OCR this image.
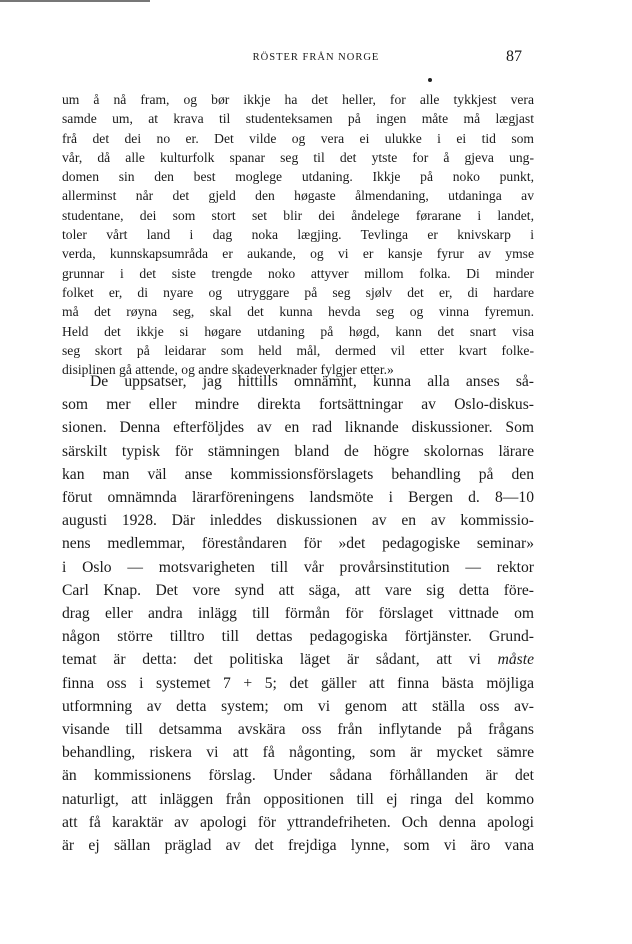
RÖSTER FRÅN NORGE	87
um å nå fram, og bør ikkje ha det heller, for alle tykkjest vera
samde um, at krava til studenteksamen på ingen måte må lægjast
frå det dei no er. Det vilde og vera ei ulukke i ei tid som
vår, då alle kulturfolk spanar seg til det ytste for å gjeva ung-
domen sin den best moglege utdaning. Ikkje på noko punkt,
allerminst når det gjeld den høgaste ålmendaning, utdaninga av
studentane, dei som stort set blir dei åndelege førarane i landet,
toler vårt land i dag noka lægjing. Tevlinga er knivskarp i
verda, kunnskapsumråda er aukande, og vi er kansje fyrur av ymse
grunnar i det siste trengde noko attyver millom folka. Di minder
folket er, di nyare og utryggare på seg sjølv det er, di hardare
må det røyna seg, skal det kunna hevda seg og vinna fyremun.
Held det ikkje si høgare utdaning på høgd, kann det snart visa
seg skort på leidarar som held mål, dermed vil etter kvart folke-
disiplinen gå attende, og andre skadeverknader fylgjer etter.»
De uppsatser, jag hittills omnämnt, kunna alla anses så-
som mer eller mindre direkta fortsättningar av Oslo-diskus-
sionen. Denna efterföljdes av en rad liknande diskussioner. Som
särskilt typisk för stämningen bland de högre skolornas lärare
kan man väl anse kommissionsförslagets behandling på den
förut omnämnda lärarföreningens landsmöte i Bergen d. 8—10
augusti 1928. Där inleddes diskussionen av en av kommissio-
nens medlemmar, föreståndaren för »det pedagogiske seminar»
i Oslo — motsvarigheten till vår provårsinstitution — rektor
Carl Knap. Det vore synd att säga, att vare sig detta före-
drag eller andra inlägg till förmån för förslaget vittnade om
någon större tilltro till dettas pedagogiska förtjänster. Grund-
temat är detta: det politiska läget är sådant, att vi måste
finna oss i systemet 7 + 5; det gäller att finna bästa möjliga
utformning av detta system; om vi genom att ställa oss av-
visande till detsamma avskära oss från inflytande på frågans
behandling, riskera vi att få någonting, som är mycket sämre
än kommissionens förslag. Under sådana förhållanden är det
naturligt, att inläggen från oppositionen till ej ringa del kommo
att få karaktär av apologi för yttrandefriheten. Och denna apologi
är ej sällan präglad av det frejdiga lynne, som vi äro vana
